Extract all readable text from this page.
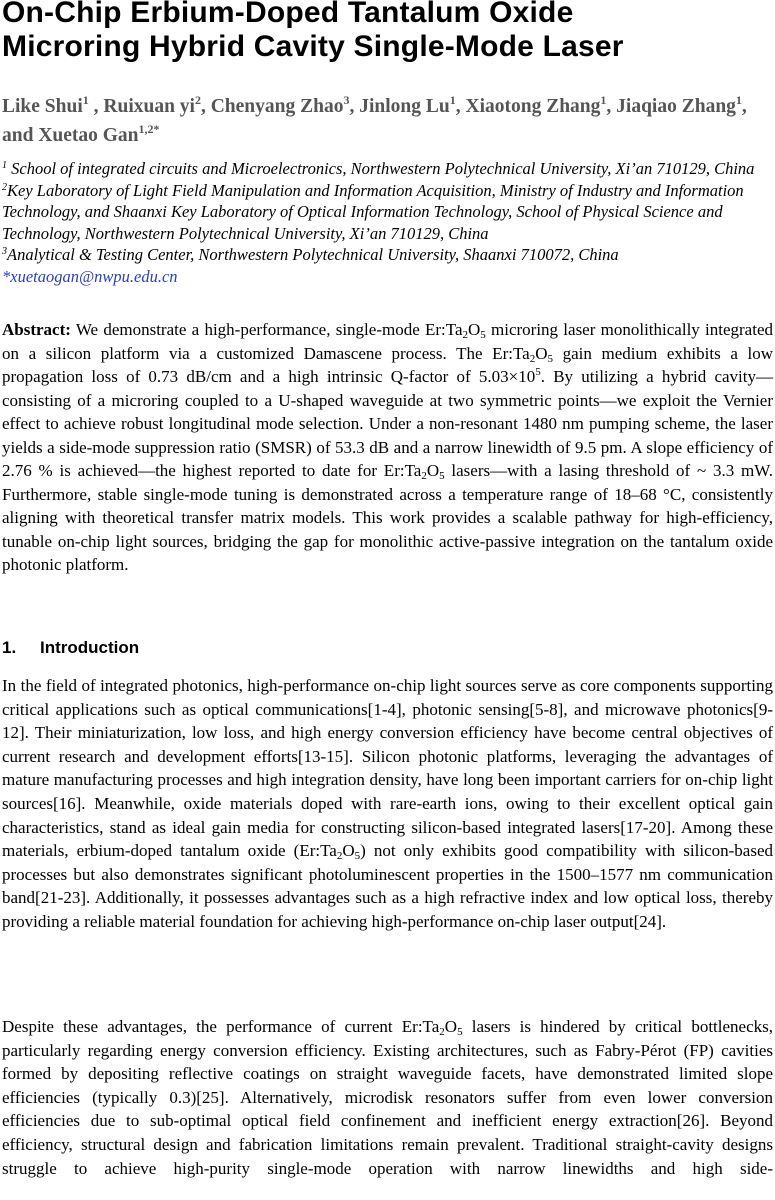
On-Chip Erbium-Doped Tantalum Oxide
Microring Hybrid Cavity Single-Mode Laser
Like Shui$^1$ , Ruixuan $yi^2$, Chenyang Zhao$^3$, Jinlong Lu$^1$, Xiaotong Zhang$^1$, Jiaqiao Zhang$^1$, and Xuetao Gan$^{1,2*}$

$^1$ School of integrated circuits and Microelectronics, Northwestern Polytechnical University, Xi’an 710129, China

$^2$Key Laboratory of Light Field Manipulation and Information Acquisition, Ministry of Industry and Information Technology, and Shaanxi Key Laboratory of Optical Information Technology, School of Physical Science and Technology, Northwestern Polytechnical University, Xi’an 710129, China

$^3$Analytical & Testing Center, Northwestern Polytechnical University, Shaanxi 710072, China

*xuetaogan@nwpu.edu.cn

Abstract: We demonstrate a high-performance, single-mode $Er:Ta_2O_5$ microring laser monolithically integrated on a silicon platform via a customized Damascene process. The $Er:Ta_2O_5$ gain medium exhibits a low propagation loss of 0.73 dB/cm and a high intrinsic Q-factor of $5.03\times 10^5$. By utilizing a hybrid cavity—consisting of a microring coupled to a U-shaped waveguide at two symmetric points—we exploit the Vernier effect to achieve robust longitudinal mode selection. Under a non-resonant 1480 nm pumping scheme, the laser yields a side-mode suppression ratio (SMSR) of 53.3 dB and a narrow linewidth of 9.5 pm. A slope efficiency of 2.76 % is achieved—the highest reported to date for $Er:Ta_2O_5$ lasers—with a lasing threshold of ~ 3.3 mW. Furthermore, stable single-mode tuning is demonstrated across a temperature range of 18–68 °C, consistently aligning with theoretical transfer matrix models. This work provides a scalable pathway for high-efficiency, tunable on-chip light sources, bridging the gap for monolithic active-passive integration on the tantalum oxide photonic platform.

1. Introduction

In the field of integrated photonics, high-performance on-chip light sources serve as core components supporting critical applications such as optical communications[1-4], photonic sensing[5-8], and microwave photonics[9-12]. Their miniaturization, low loss, and high energy conversion efficiency have become central objectives of current research and development efforts[13-15]. Silicon photonic platforms, leveraging the advantages of mature manufacturing processes and high integration density, have long been important carriers for on-chip light sources[16]. Meanwhile, oxide materials doped with rare-earth ions, owing to their excellent optical gain characteristics, stand as ideal gain media for constructing silicon-based integrated lasers[17-20]. Among these materials, erbium-doped tantalum oxide $(Er:Ta_2O_5)$ not only exhibits good compatibility with silicon-based processes but also demonstrates significant photoluminescent properties in the 1500–1577 nm communication band[21-23]. Additionally, it possesses advantages such as a high refractive index and low optical loss, thereby providing a reliable material foundation for achieving high-performance on-chip laser output[24].

Despite these advantages, the performance of current $Er:Ta_2O_5$ lasers is hindered by critical bottlenecks, particularly regarding energy conversion efficiency. Existing architectures, such as Fabry-Pérot (FP) cavities formed by depositing reflective coatings on straight waveguide facets, have demonstrated limited slope efficiencies (typically 0.3)[25]. Alternatively, microdisk resonators suffer from even lower conversion efficiencies due to sub-optimal optical field confinement and inefficient energy extraction[26]. Beyond efficiency, structural design and fabrication limitations remain prevalent. Traditional straight-cavity designs struggle to achieve high-purity single-mode operation with narrow linewidths and high side-
